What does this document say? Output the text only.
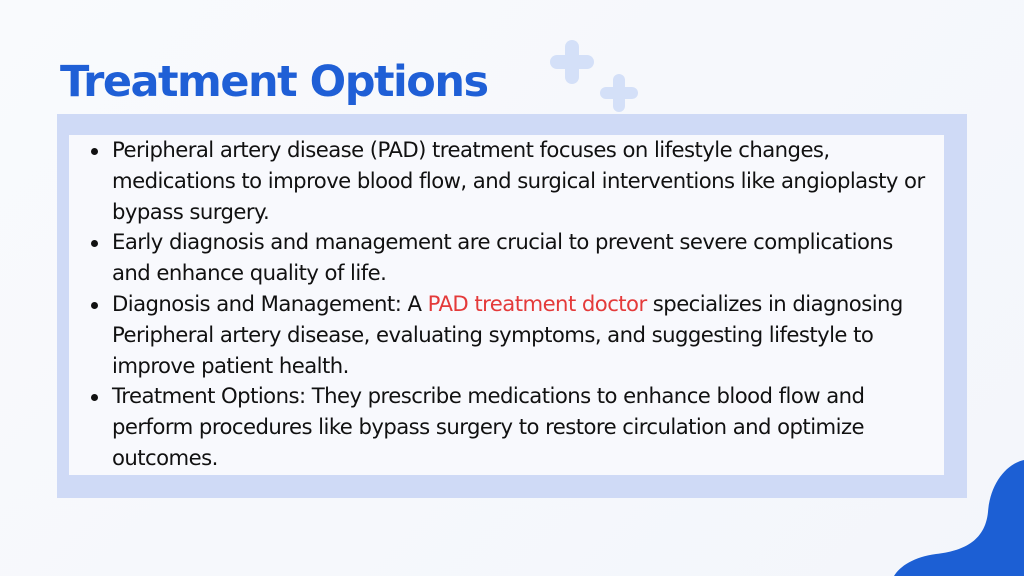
Treatment Options
Peripheral artery disease (PAD) treatment focuses on lifestyle changes, medications to improve blood flow, and surgical interventions like angioplasty or bypass surgery.
Early diagnosis and management are crucial to prevent severe complications and enhance quality of life.
Diagnosis and Management: A PAD treatment doctor specializes in diagnosing Peripheral artery disease, evaluating symptoms, and suggesting lifestyle to improve patient health.
Treatment Options: They prescribe medications to enhance blood flow and perform procedures like bypass surgery to restore circulation and optimize outcomes.
